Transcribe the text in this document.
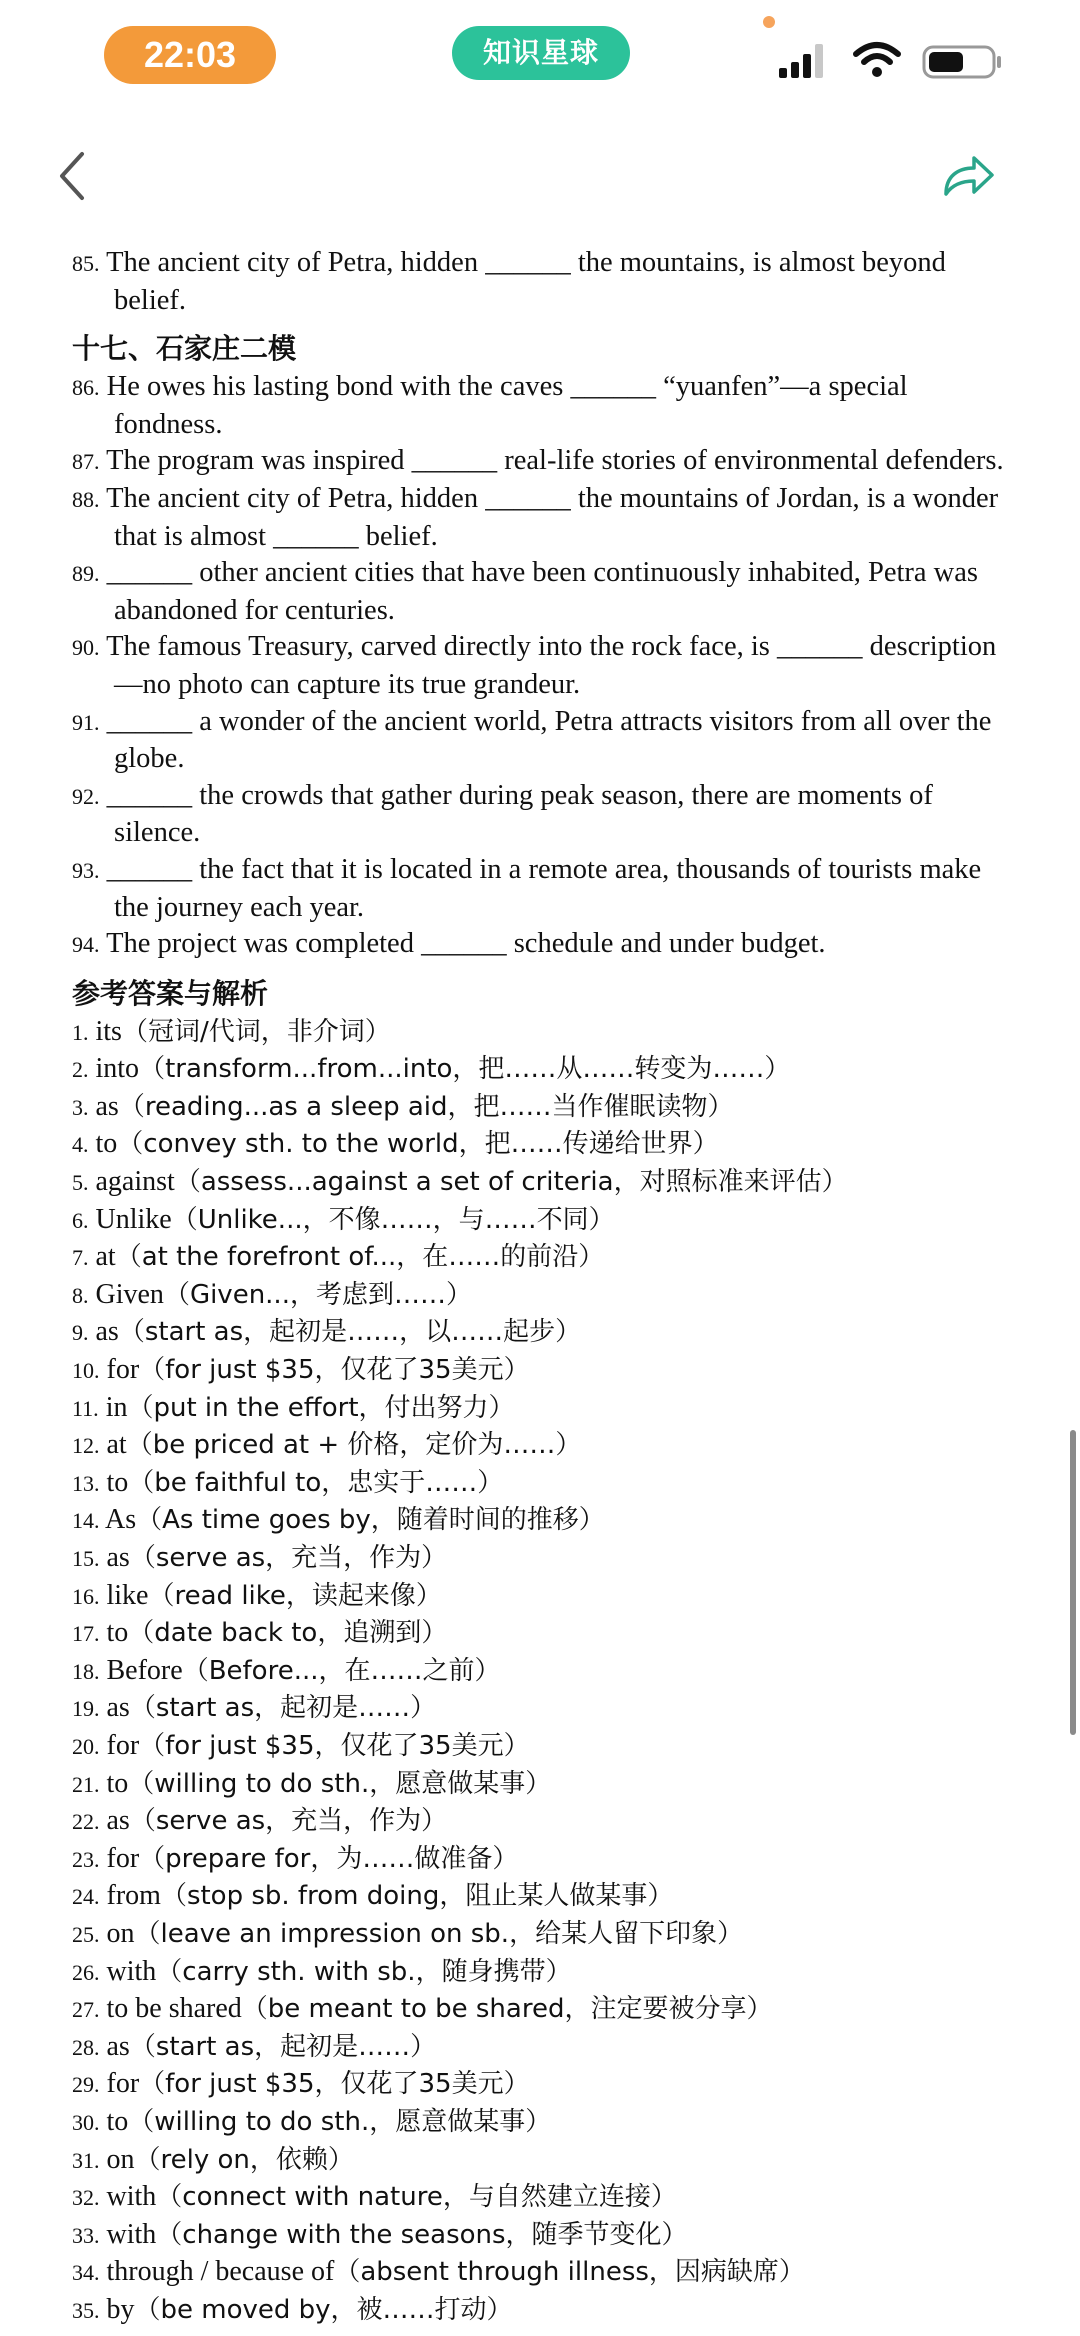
22:03	知识星球
85. The ancient city of Petra, hidden ______ the mountains, is almost beyond belief.
十七、石家庄二模
86. He owes his lasting bond with the caves ______ “yuanfen”—a special fondness.
87. The program was inspired ______ real-life stories of environmental defenders.
88. The ancient city of Petra, hidden ______ the mountains of Jordan, is a wonder that is almost ______ belief.
89. ______ other ancient cities that have been continuously inhabited, Petra was abandoned for centuries.
90. The famous Treasury, carved directly into the rock face, is ______ description—no photo can capture its true grandeur.
91. ______ a wonder of the ancient world, Petra attracts visitors from all over the globe.
92. ______ the crowds that gather during peak season, there are moments of silence.
93. ______ the fact that it is located in a remote area, thousands of tourists make the journey each year.
94. The project was completed ______ schedule and under budget.
参考答案与解析
1. its（冠词/代词，非介词）
2. into（transform...from...into，把……从……转变为……）
3. as（reading...as a sleep aid，把……当作催眠读物）
4. to（convey sth. to the world，把……传递给世界）
5. against（assess...against a set of criteria，对照标准来评估）
6. Unlike（Unlike...，不像……，与……不同）
7. at（at the forefront of...，在……的前沿）
8. Given（Given...，考虑到……）
9. as（start as，起初是……，以……起步）
10. for（for just $35，仅花了35美元）
11. in（put in the effort，付出努力）
12. at（be priced at + 价格，定价为……）
13. to（be faithful to，忠实于……）
14. As（As time goes by，随着时间的推移）
15. as（serve as，充当，作为）
16. like（read like，读起来像）
17. to（date back to，追溯到）
18. Before（Before...，在……之前）
19. as（start as，起初是……）
20. for（for just $35，仅花了35美元）
21. to（willing to do sth.，愿意做某事）
22. as（serve as，充当，作为）
23. for（prepare for，为……做准备）
24. from（stop sb. from doing，阻止某人做某事）
25. on（leave an impression on sb.，给某人留下印象）
26. with（carry sth. with sb.，随身携带）
27. to be shared（be meant to be shared，注定要被分享）
28. as（start as，起初是……）
29. for（for just $35，仅花了35美元）
30. to（willing to do sth.，愿意做某事）
31. on（rely on，依赖）
32. with（connect with nature，与自然建立连接）
33. with（change with the seasons，随季节变化）
34. through / because of（absent through illness，因病缺席）
35. by（be moved by，被……打动）
